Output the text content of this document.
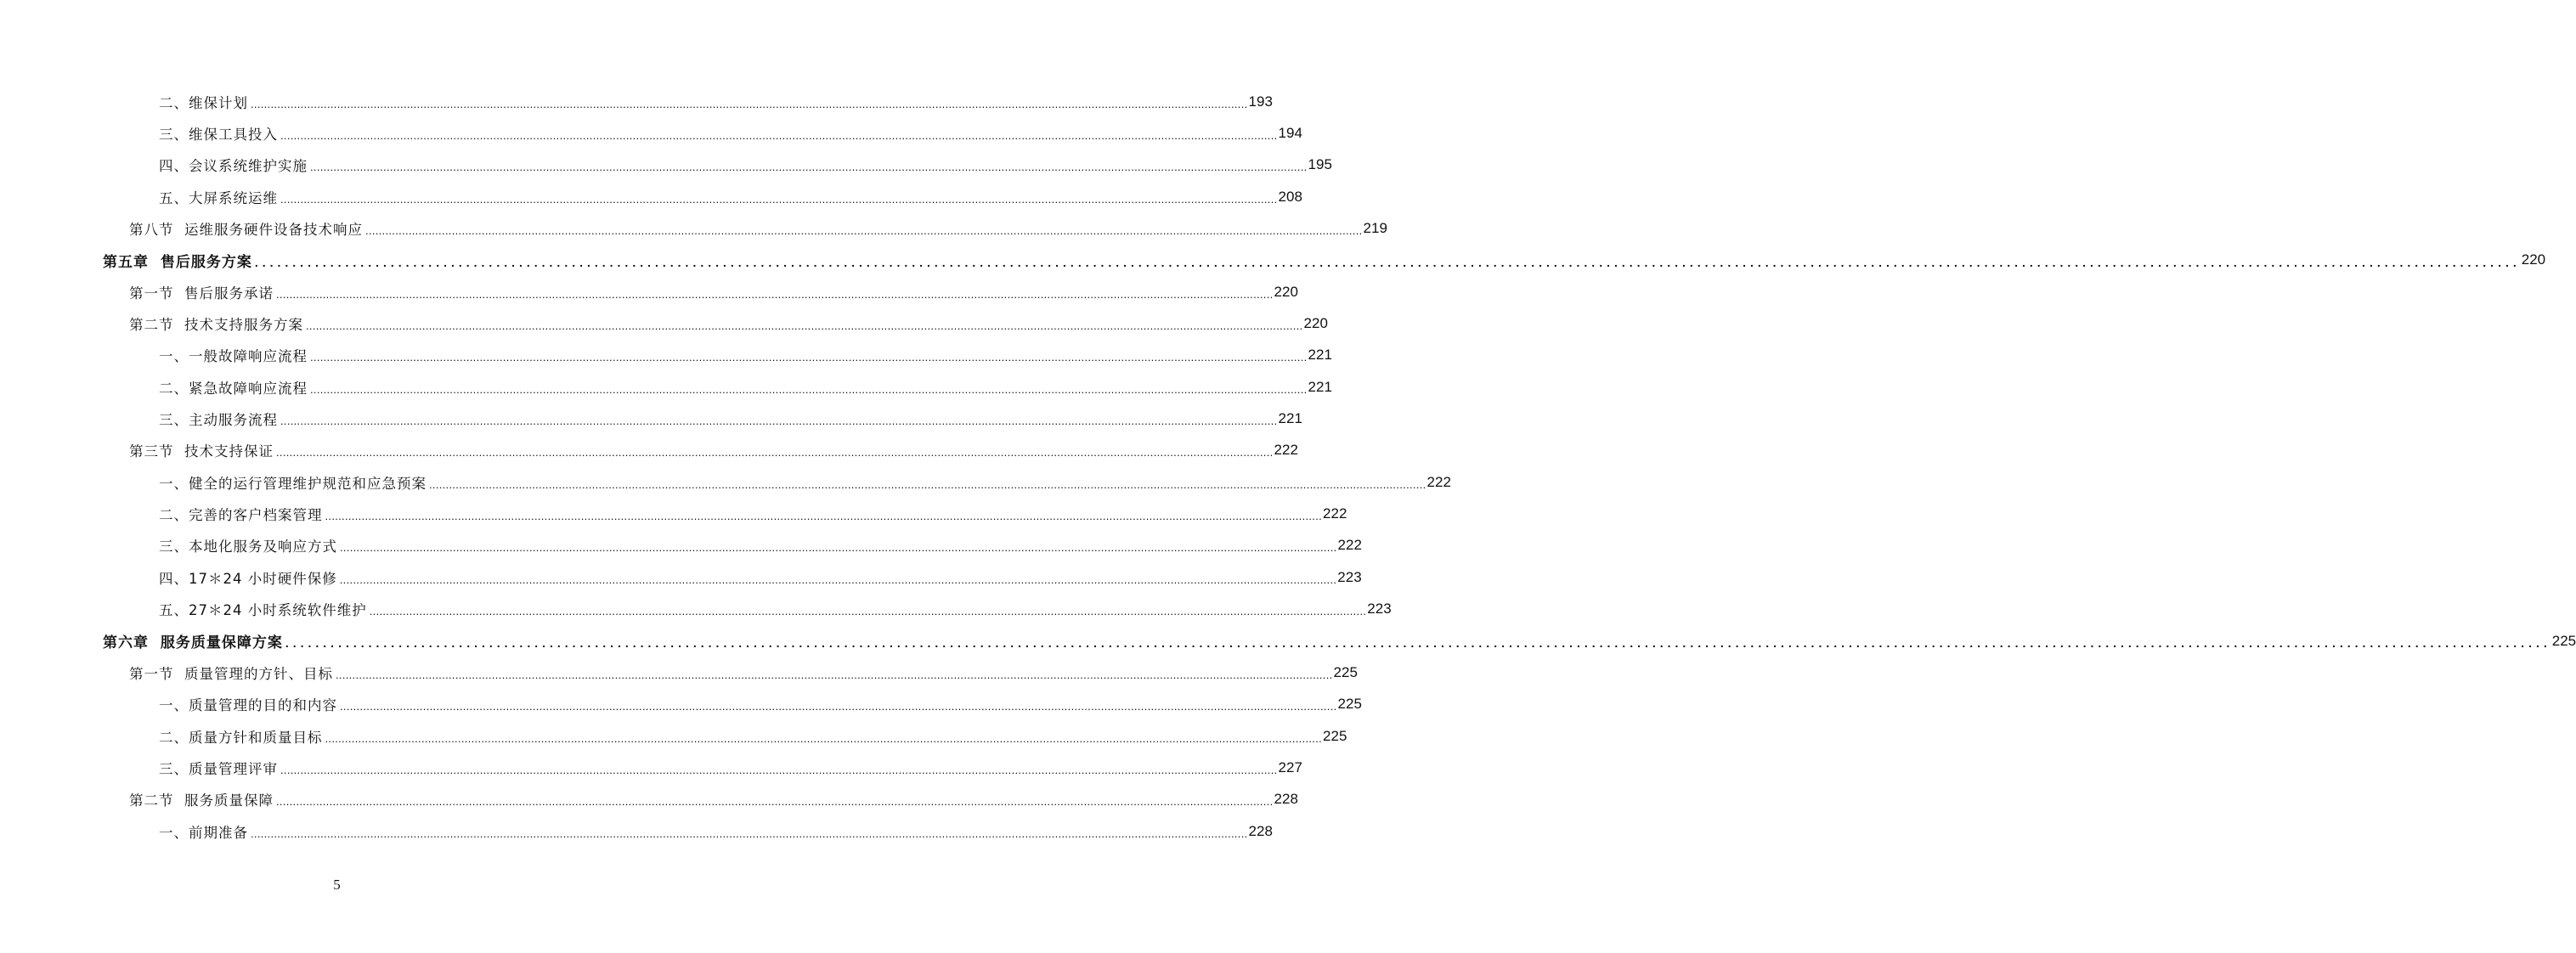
二、维保计划 ............................................................................................................................................................................................................................................................................................................ 193
三、维保工具投入 ............................................................................................................................................................................................................................................................................................................ 194
四、会议系统维护实施 ............................................................................................................................................................................................................................................................................................................ 195
五、大屏系统运维 ............................................................................................................................................................................................................................................................................................................ 208
第八节  运维服务硬件设备技术响应 ............................................................................................................................................................................................................................................................................................................ 219
第五章  售后服务方案 ............................................................................................................................................................................................................................................................................................................ 220
第一节  售后服务承诺 ............................................................................................................................................................................................................................................................................................................ 220
第二节  技术支持服务方案 ............................................................................................................................................................................................................................................................................................................ 220
一、一般故障响应流程 ............................................................................................................................................................................................................................................................................................................ 221
二、紧急故障响应流程 ............................................................................................................................................................................................................................................................................................................ 221
三、主动服务流程 ............................................................................................................................................................................................................................................................................................................ 221
第三节  技术支持保证 ............................................................................................................................................................................................................................................................................................................ 222
一、健全的运行管理维护规范和应急预案 ............................................................................................................................................................................................................................................................................................................ 222
二、完善的客户档案管理 ............................................................................................................................................................................................................................................................................................................ 222
三、本地化服务及响应方式 ............................................................................................................................................................................................................................................................................................................ 222
四、17＊24 小时硬件保修 ............................................................................................................................................................................................................................................................................................................ 223
五、27＊24 小时系统软件维护 ............................................................................................................................................................................................................................................................................................................ 223
第六章  服务质量保障方案 ............................................................................................................................................................................................................................................................................................................ 225
第一节  质量管理的方针、目标 ............................................................................................................................................................................................................................................................................................................ 225
一、质量管理的目的和内容 ............................................................................................................................................................................................................................................................................................................ 225
二、质量方针和质量目标 ............................................................................................................................................................................................................................................................................................................ 225
三、质量管理评审 ............................................................................................................................................................................................................................................................................................................ 227
第二节  服务质量保障 ............................................................................................................................................................................................................................................................................................................ 228
一、前期准备 ............................................................................................................................................................................................................................................................................................................ 228
5
